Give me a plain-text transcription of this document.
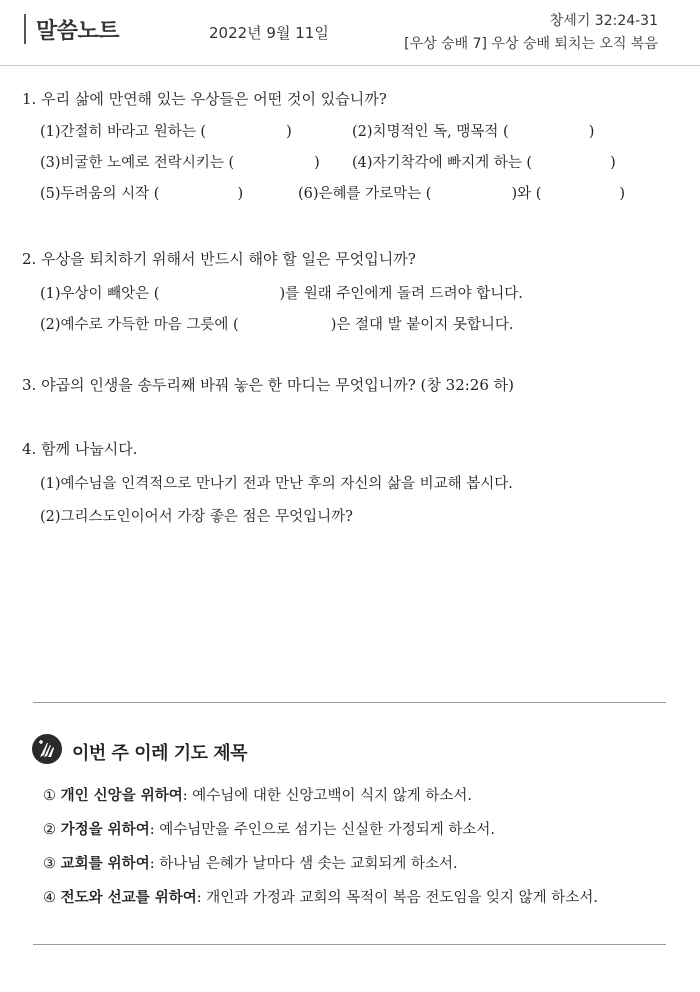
말씀노트	2022년 9월 11일
창세기 32:24-31
[우상 숭배 7] 우상 숭배 퇴치는 오직 복음
1. 우리 삶에 만연해 있는 우상들은 어떤 것이 있습니까?
(1)간절히 바라고 원하는 (	)	(2)치명적인 독, 맹목적 (	)
(3)비굴한 노예로 전락시키는 (	) (4)자기착각에 빠지게 하는 (	)
(5)두려움의 시작 (	)	(6)은혜를 가로막는 (	)와 (	)
2. 우상을 퇴치하기 위해서 반드시 해야 할 일은 무엇입니까?
(1)우상이 빼앗은 (	)를 원래 주인에게 돌려 드려야 합니다.
(2)예수로 가득한 마음 그릇에 (	)은 절대 발 붙이지 못합니다.
3. 야곱의 인생을 송두리째 바꿔 놓은 한 마디는 무엇입니까? (창 32:26 하)
4. 함께 나눕시다.
(1)예수님을 인격적으로 만나기 전과 만난 후의 자신의 삶을 비교해 봅시다.
(2)그리스도인이어서 가장 좋은 점은 무엇입니까?
이번 주 이레 기도 제목
① 개인 신앙을 위하여: 예수님에 대한 신앙고백이 식지 않게 하소서.
② 가정을 위하여: 예수님만을 주인으로 섬기는 신실한 가정되게 하소서.
③ 교회를 위하여: 하나님 은혜가 날마다 샘 솟는 교회되게 하소서.
④ 전도와 선교를 위하여: 개인과 가정과 교회의 목적이 복음 전도임을 잊지 않게 하소서.
